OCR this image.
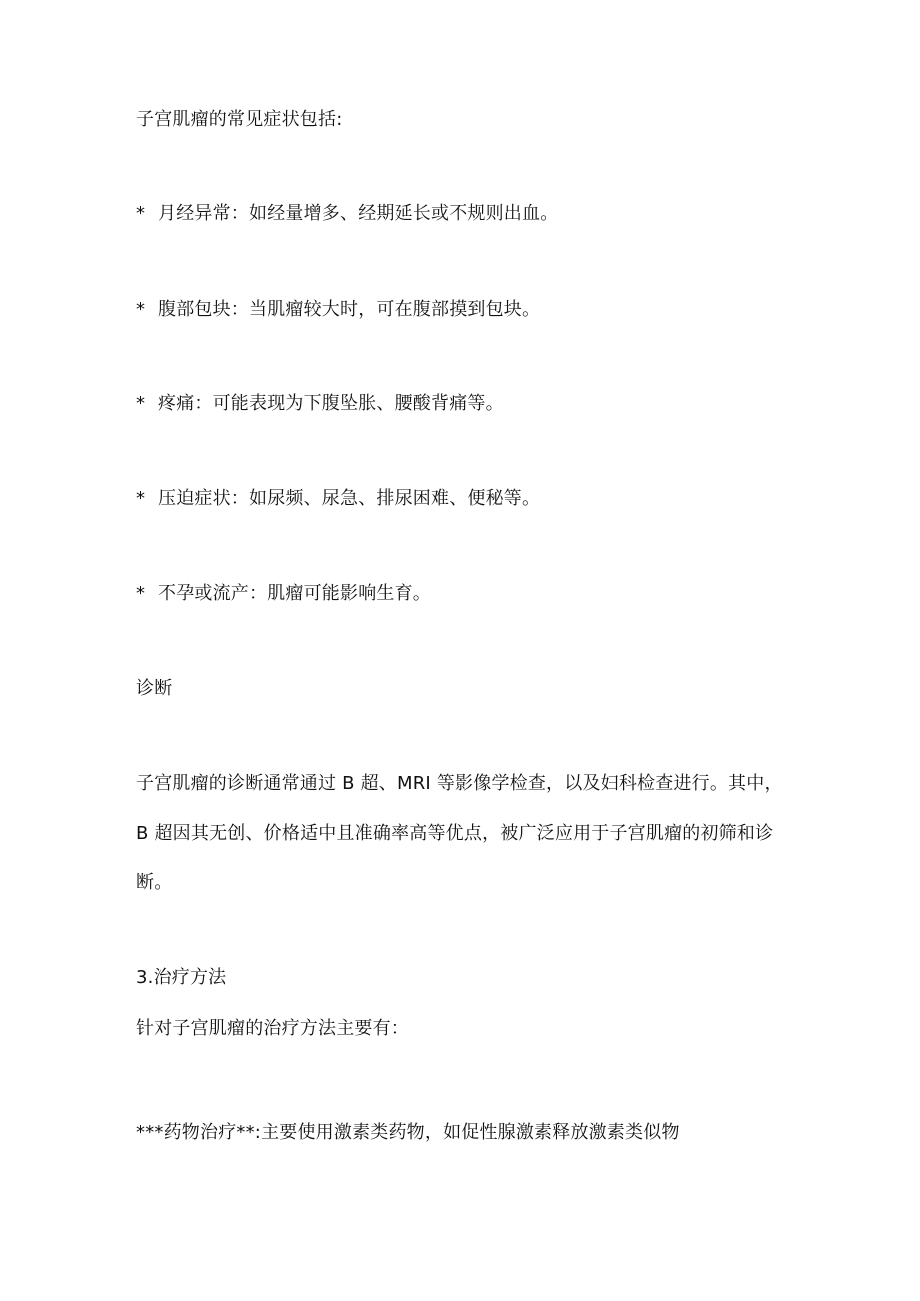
子宫肌瘤的常见症状包括:
* 月经异常：如经量增多、经期延长或不规则出血。
* 腹部包块：当肌瘤较大时，可在腹部摸到包块。
* 疼痛：可能表现为下腹坠胀、腰酸背痛等。
* 压迫症状：如尿频、尿急、排尿困难、便秘等。
* 不孕或流产：肌瘤可能影响生育。
诊断
子宫肌瘤的诊断通常通过 B 超、MRI 等影像学检查，以及妇科检查进行。其中，
B 超因其无创、价格适中且准确率高等优点，被广泛应用于子宫肌瘤的初筛和诊
断。
3.治疗方法
针对子宫肌瘤的治疗方法主要有：
***药物治疗**:主要使用激素类药物，如促性腺激素释放激素类似物
